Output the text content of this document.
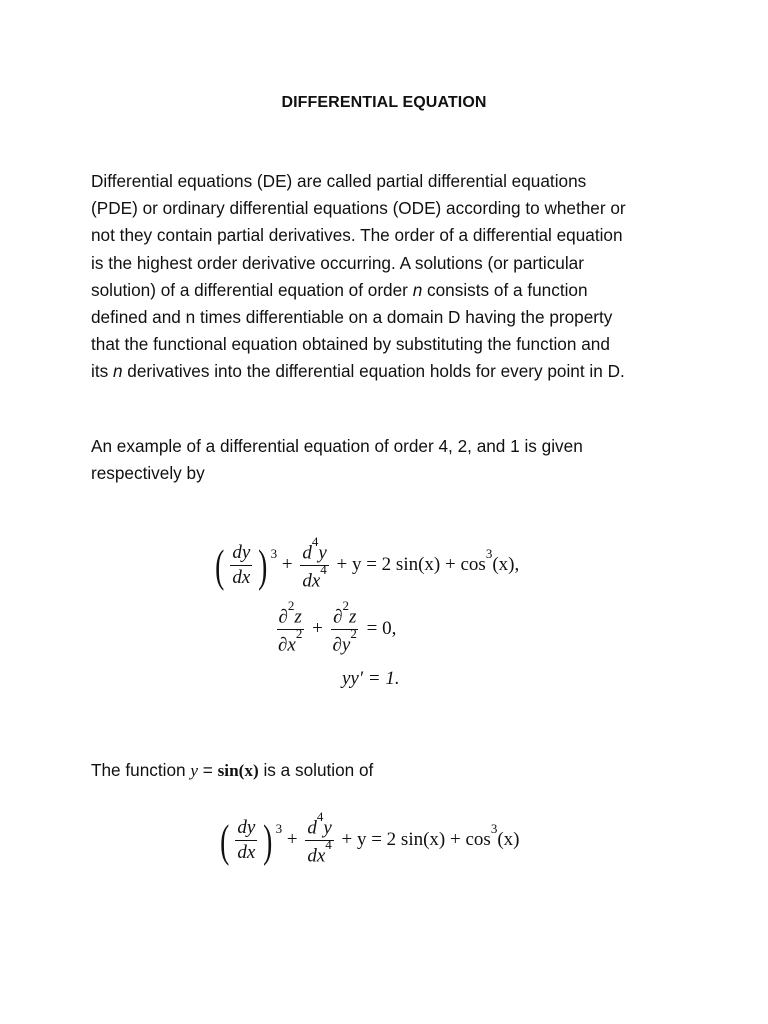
DIFFERENTIAL EQUATION

Differential equations (DE) are called partial differential equations
(PDE) or ordinary differential equations (ODE) according to whether or
not they contain partial derivatives. The order of a differential equation
is the highest order derivative occurring. A solutions (or particular
solution) of a differential equation of order n consists of a function
defined and n times differentiable on a domain D having the property
that the functional equation obtained by substituting the function and
its n derivatives into the differential equation holds for every point in D.

An example of a differential equation of order 4, 2, and 1 is given
respectively by

( $\frac{dy}{dx}$ ) $^3 + \frac{d^4y}{dx^4} + y = 2$ $\sin(x) + \cos^3(x)$,
$\frac{\partial^2z}{\partial x^2} + \frac{\partial^2z}{\partial y^2} = 0$,
yy′ = 1.

The function y = sin(x) is a solution of

( $\frac{dy}{dx}$ ) $^3 + \frac{d^4y}{dx^4} + y = 2$ $\sin(x) + \cos^3(x)$
